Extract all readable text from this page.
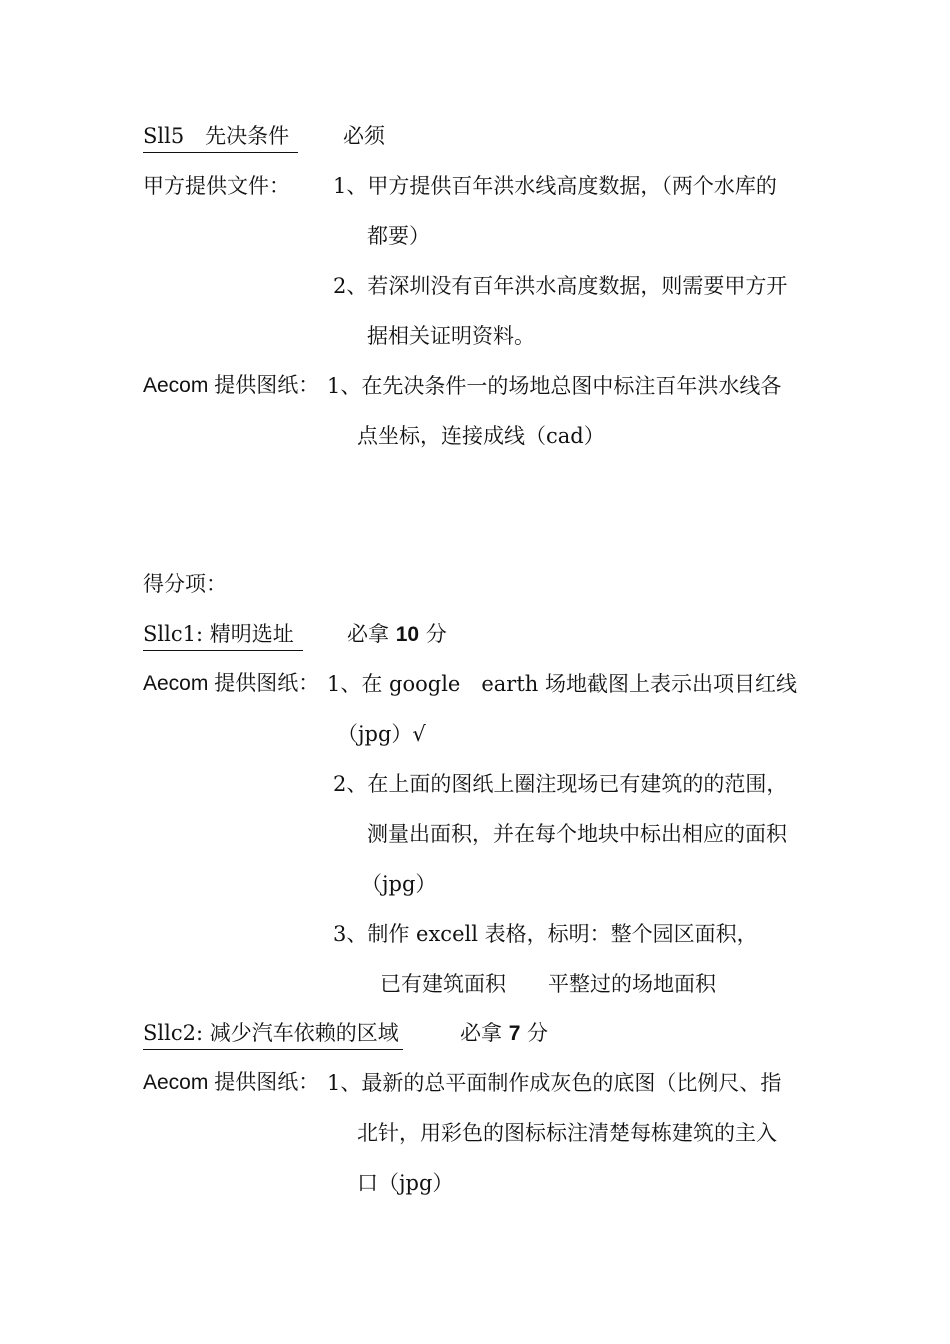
Sll5　先决条件	必须
甲方提供文件： 1、甲方提供百年洪水线高度数据，（两个水库的
都要）
2、若深圳没有百年洪水高度数据，则需要甲方开
据相关证明资料。
Aecom 提供图纸： 1、在先决条件一的场地总图中标注百年洪水线各
点坐标，连接成线（cad）
得分项：
Sllc1: 精明选址	必拿 10 分
Aecom 提供图纸： 1、在 google　earth 场地截图上表示出项目红线
（jpg）√
2、在上面的图纸上圈注现场已有建筑的的范围，
测量出面积，并在每个地块中标出相应的面积
（jpg）
3、制作 excell 表格，标明：整个园区面积，
已有建筑面积　　平整过的场地面积
Sllc2: 减少汽车依赖的区域	必拿 7 分
Aecom 提供图纸： 1、最新的总平面制作成灰色的底图（比例尺、指
北针，用彩色的图标标注清楚每栋建筑的主入
口（jpg）
